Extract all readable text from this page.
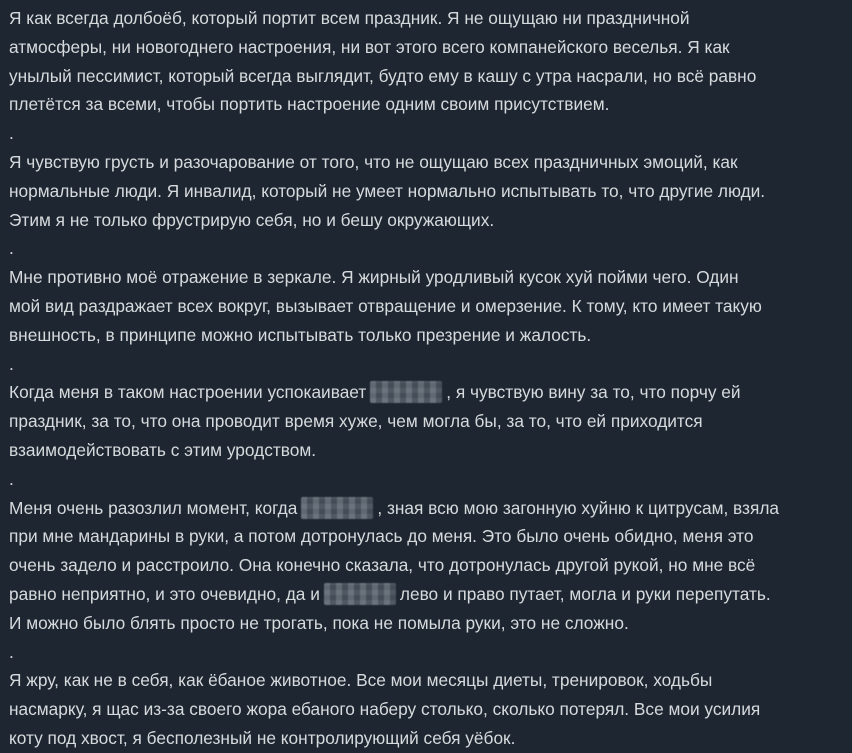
Я как всегда долбоёб, который портит всем праздник. Я не ощущаю ни праздничной
атмосферы, ни новогоднего настроения, ни вот этого всего компанейского веселья. Я как
унылый пессимист, который всегда выглядит, будто ему в кашу с утра насрали, но всё равно
плетётся за всеми, чтобы портить настроение одним своим присутствием.
.
Я чувствую грусть и разочарование от того, что не ощущаю всех праздничных эмоций, как
нормальные люди. Я инвалид, который не умеет нормально испытывать то, что другие люди.
Этим я не только фрустрирую себя, но и бешу окружающих.
.
Мне противно моё отражение в зеркале. Я жирный уродливый кусок хуй пойми чего. Один
мой вид раздражает всех вокруг, вызывает отвращение и омерзение. К тому, кто имеет такую
внешность, в принципе можно испытывать только презрение и жалость.
.
Когда меня в таком настроении успокаивает	, я чувствую вину за то, что порчу ей
праздник, за то, что она проводит время хуже, чем могла бы, за то, что ей приходится
взаимодействовать с этим уродством.
.
Меня очень разозлил момент, когда	, зная всю мою загонную хуйню к цитрусам, взяла
при мне мандарины в руки, а потом дотронулась до меня. Это было очень обидно, меня это
очень задело и расстроило. Она конечно сказала, что дотронулась другой рукой, но мне всё
равно неприятно, и это очевидно, да и	лево и право путает, могла и руки перепутать.
И можно было блять просто не трогать, пока не помыла руки, это не сложно.
.
Я жру, как не в себя, как ёбаное животное. Все мои месяцы диеты, тренировок, ходьбы
насмарку, я щас из-за своего жора ебаного наберу столько, сколько потерял. Все мои усилия
коту под хвост, я бесполезный не контролирующий себя уёбок.
